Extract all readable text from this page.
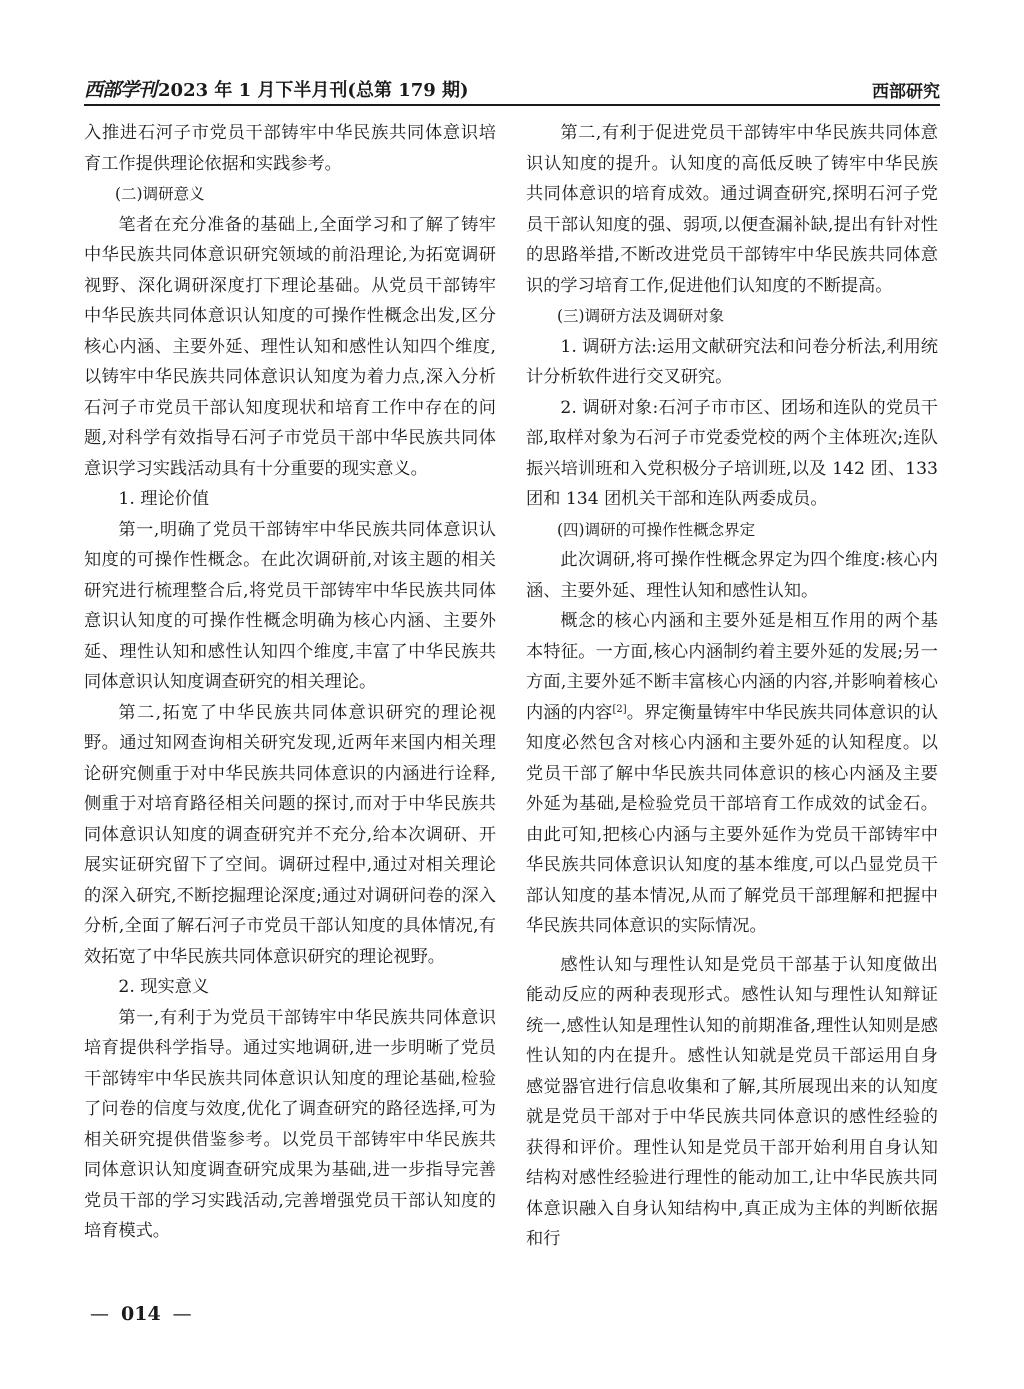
西部学刊 2023 年 1 月下半月刊(总第 179 期)	西部研究

入推进石河子市党员干部铸牢中华民族共同体意识培育工作提供理论依据和实践参考。

(二)调研意义

笔者在充分准备的基础上,全面学习和了解了铸牢中华民族共同体意识研究领域的前沿理论,为拓宽调研视野、深化调研深度打下理论基础。从党员干部铸牢中华民族共同体意识认知度的可操作性概念出发,区分核心内涵、主要外延、理性认知和感性认知四个维度,以铸牢中华民族共同体意识认知度为着力点,深入分析石河子市党员干部认知度现状和培育工作中存在的问题,对科学有效指导石河子市党员干部中华民族共同体意识学习实践活动具有十分重要的现实意义。

1. 理论价值

第一,明确了党员干部铸牢中华民族共同体意识认知度的可操作性概念。在此次调研前,对该主题的相关研究进行梳理整合后,将党员干部铸牢中华民族共同体意识认知度的可操作性概念明确为核心内涵、主要外延、理性认知和感性认知四个维度,丰富了中华民族共同体意识认知度调查研究的相关理论。

第二,拓宽了中华民族共同体意识研究的理论视野。通过知网查询相关研究发现,近两年来国内相关理论研究侧重于对中华民族共同体意识的内涵进行诠释,侧重于对培育路径相关问题的探讨,而对于中华民族共同体意识认知度的调查研究并不充分,给本次调研、开展实证研究留下了空间。调研过程中,通过对相关理论的深入研究,不断挖掘理论深度;通过对调研问卷的深入分析,全面了解石河子市党员干部认知度的具体情况,有效拓宽了中华民族共同体意识研究的理论视野。

2. 现实意义

第一,有利于为党员干部铸牢中华民族共同体意识培育提供科学指导。通过实地调研,进一步明晰了党员干部铸牢中华民族共同体意识认知度的理论基础,检验了问卷的信度与效度,优化了调查研究的路径选择,可为相关研究提供借鉴参考。以党员干部铸牢中华民族共同体意识认知度调查研究成果为基础,进一步指导完善党员干部的学习实践活动,完善增强党员干部认知度的培育模式。

第二,有利于促进党员干部铸牢中华民族共同体意识认知度的提升。认知度的高低反映了铸牢中华民族共同体意识的培育成效。通过调查研究,探明石河子党员干部认知度的强、弱项,以便查漏补缺,提出有针对性的思路举措,不断改进党员干部铸牢中华民族共同体意识的学习培育工作,促进他们认知度的不断提高。

(三)调研方法及调研对象

1. 调研方法:运用文献研究法和问卷分析法,利用统计分析软件进行交叉研究。

2. 调研对象:石河子市市区、团场和连队的党员干部,取样对象为石河子市党委党校的两个主体班次;连队振兴培训班和入党积极分子培训班,以及 142 团、133 团和 134 团机关干部和连队两委成员。

(四)调研的可操作性概念界定

此次调研,将可操作性概念界定为四个维度:核心内涵、主要外延、理性认知和感性认知。

概念的核心内涵和主要外延是相互作用的两个基本特征。一方面,核心内涵制约着主要外延的发展;另一方面,主要外延不断丰富核心内涵的内容,并影响着核心内涵的内容[2]。界定衡量铸牢中华民族共同体意识的认知度必然包含对核心内涵和主要外延的认知程度。以党员干部了解中华民族共同体意识的核心内涵及主要外延为基础,是检验党员干部培育工作成效的试金石。由此可知,把核心内涵与主要外延作为党员干部铸牢中华民族共同体意识认知度的基本维度,可以凸显党员干部认知度的基本情况,从而了解党员干部理解和把握中华民族共同体意识的实际情况。

感性认知与理性认知是党员干部基于认知度做出能动反应的两种表现形式。感性认知与理性认知辩证统一,感性认知是理性认知的前期准备,理性认知则是感性认知的内在提升。感性认知就是党员干部运用自身感觉器官进行信息收集和了解,其所展现出来的认知度就是党员干部对于中华民族共同体意识的感性经验的获得和评价。理性认知是党员干部开始利用自身认知结构对感性经验进行理性的能动加工,让中华民族共同体意识融入自身认知结构中,真正成为主体的判断依据和行

— 014 —
